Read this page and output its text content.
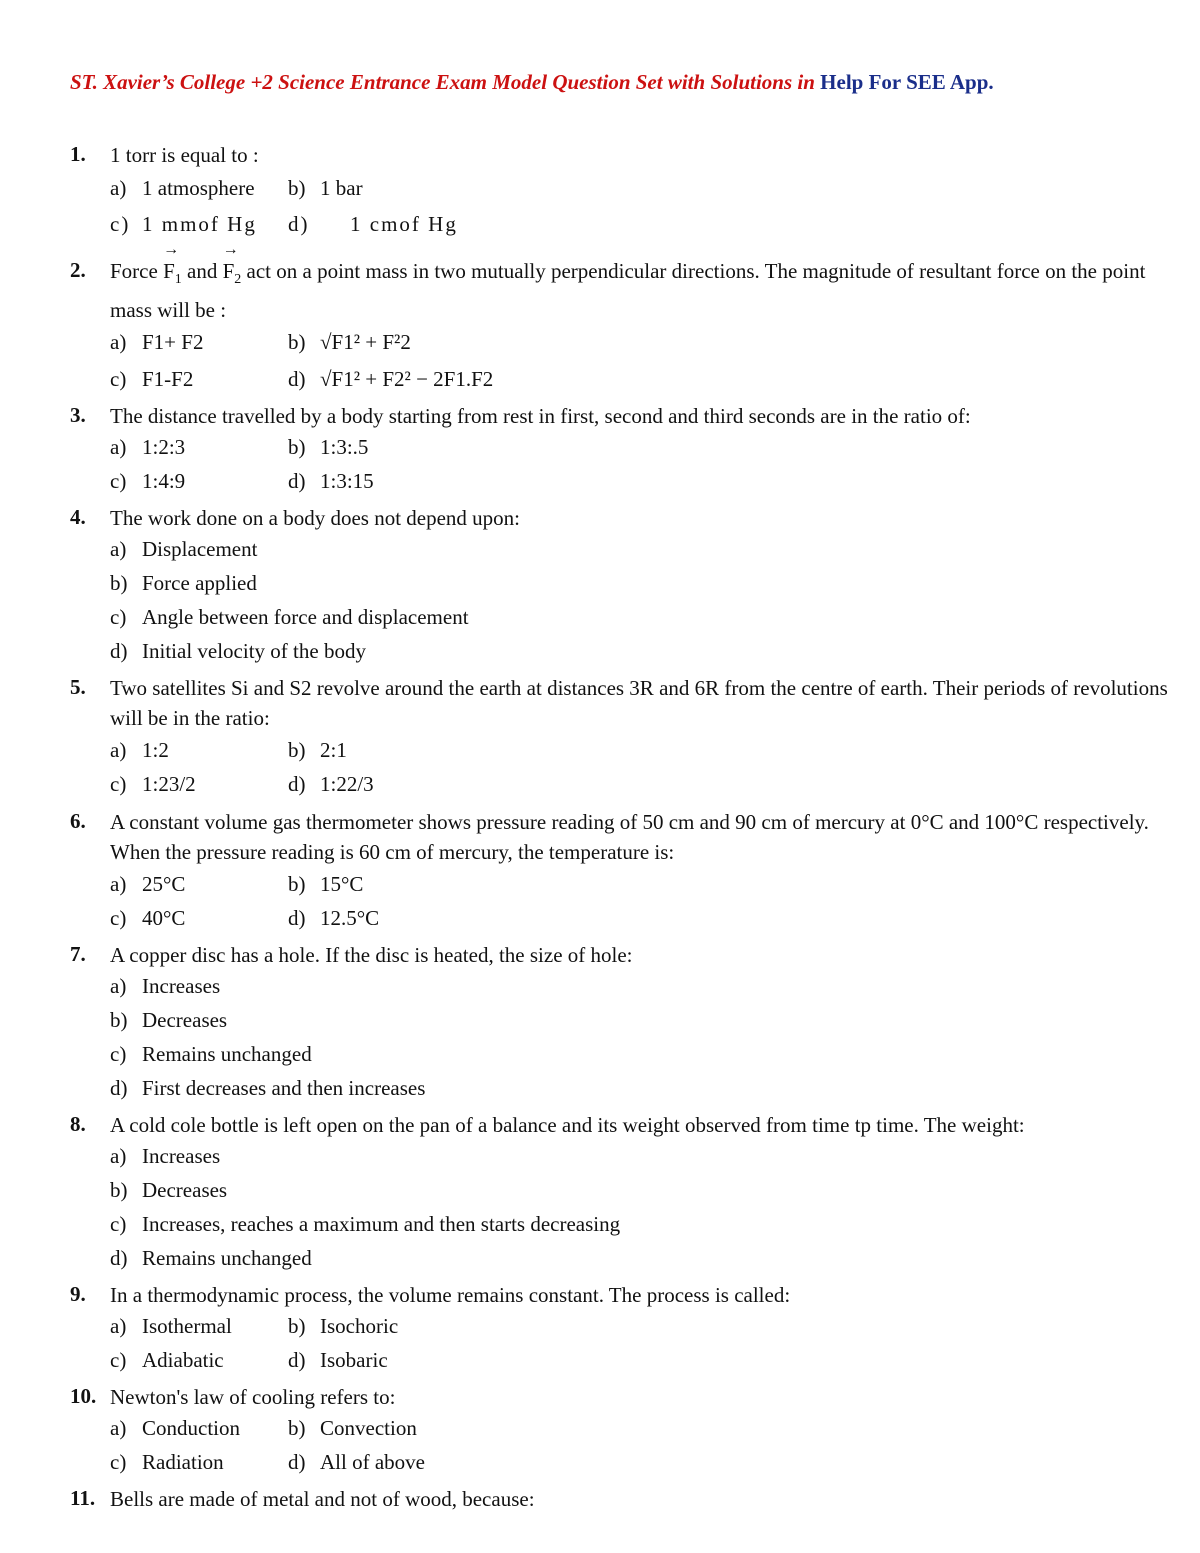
ST. Xavier’s College +2 Science Entrance Exam Model Question Set with Solutions in Help For SEE App.
1. 1 torr is equal to :
a) 1 atmosphere b) 1 bar
c) 1 mmof Hg d) 1 cmof Hg
2. Force
→
$F_1$ and
→
$F_2$ act on a point mass in two mutually perpendicular directions. The magnitude of resultant force on the point mass will be :
a) F1+ F2	b) √F1² + F²2
c) F1-F2	d) √F1² + F2² − 2F1.F2
3. The distance travelled by a body starting from rest in first, second and third seconds are in the ratio of:
a) 1:2:3	b) 1:3:.5
c) 1:4:9	d) 1:3:15
4. The work done on a body does not depend upon:
a) Displacement
b) Force applied
c) Angle between force and displacement
d) Initial velocity of the body
5. Two satellites Si and S2 revolve around the earth at distances 3R and 6R from the centre of earth. Their periods of revolutions will be in the ratio:
a) 1:2	b) 2:1
c) 1:23/2	d) 1:22/3
6. A constant volume gas thermometer shows pressure reading of 50 cm and 90 cm of mercury at 0°C and 100°C respectively. When the pressure reading is 60 cm of mercury, the temperature is:
a) 25°C	b) 15°C
c) 40°C	d) 12.5°C
7. A copper disc has a hole. If the disc is heated, the size of hole:
a) Increases
b) Decreases
c) Remains unchanged
d) First decreases and then increases
8. A cold cole bottle is left open on the pan of a balance and its weight observed from time tp time. The weight:
a) Increases
b) Decreases
c) Increases, reaches a maximum and then starts decreasing
d) Remains unchanged
9. In a thermodynamic process, the volume remains constant. The process is called:
a) Isothermal	b) Isochoric
c) Adiabatic	d) Isobaric
10. Newton's law of cooling refers to:
a) Conduction b) Convection
c) Radiation	d) All of above
11. Bells are made of metal and not of wood, because:
